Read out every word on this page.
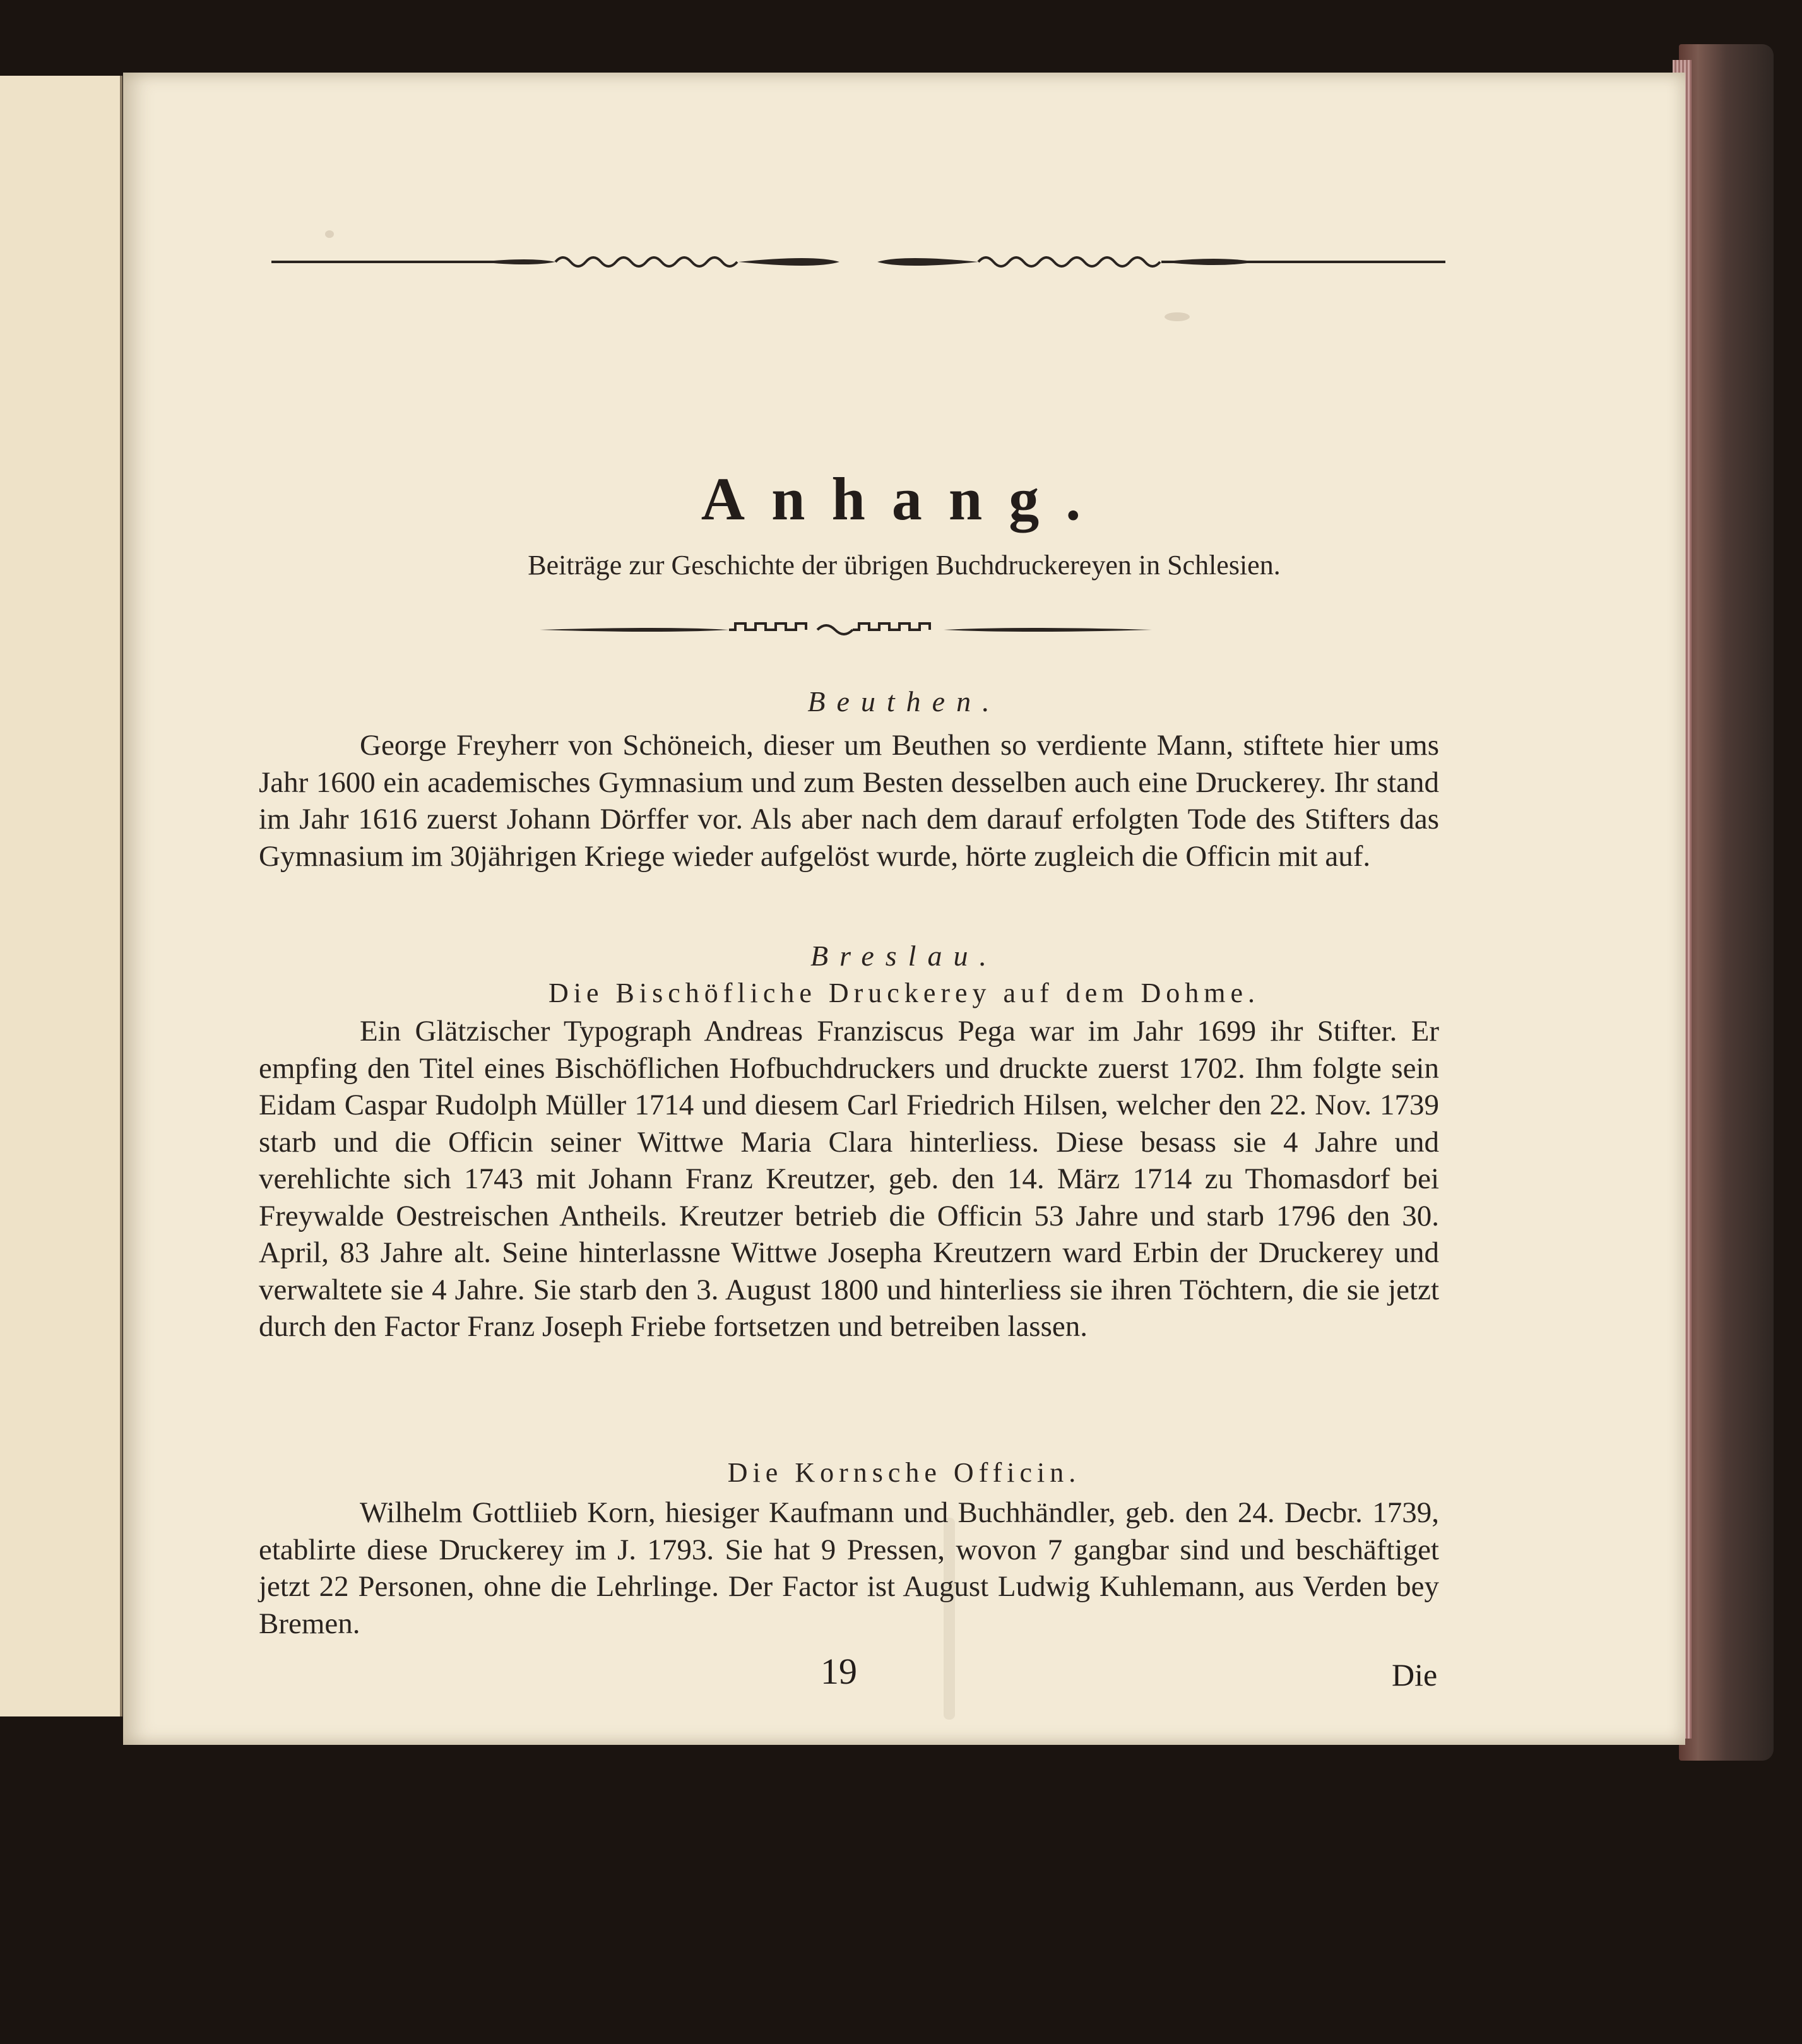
Anhang.
Beiträge zur Geschichte der übrigen Buchdruckereyen in Schlesien.
Beuthen.
George Freyherr von Schöneich, dieser um Beuthen so verdiente Mann, stiftete hier ums Jahr 1600 ein academisches Gymnasium und zum Besten desselben auch eine Druckerey. Ihr stand im Jahr 1616 zuerst Johann Dörffer vor. Als aber nach dem darauf erfolgten Tode des Stifters das Gymnasium im 30jährigen Kriege wieder aufgelöst wurde, hörte zugleich die Officin mit auf.
Breslau.
Die Bischöfliche Druckerey auf dem Dohme.
Ein Glätzischer Typograph Andreas Franziscus Pega war im Jahr 1699 ihr Stifter. Er empfing den Titel eines Bischöflichen Hofbuchdruckers und druckte zuerst 1702. Ihm folgte sein Eidam Caspar Rudolph Müller 1714 und diesem Carl Friedrich Hilsen, welcher den 22. Nov. 1739 starb und die Officin seiner Wittwe Maria Clara hinterliess. Diese besass sie 4 Jahre und verehlichte sich 1743 mit Johann Franz Kreutzer, geb. den 14. März 1714 zu Thomasdorf bei Freywalde Oestreischen Antheils. Kreutzer betrieb die Officin 53 Jahre und starb 1796 den 30. April, 83 Jahre alt. Seine hinterlassne Wittwe Josepha Kreutzern ward Erbin der Druckerey und verwaltete sie 4 Jahre. Sie starb den 3. August 1800 und hinterliess sie ihren Töchtern, die sie jetzt durch den Factor Franz Joseph Friebe fortsetzen und betreiben lassen.
Die Kornsche Officin.
Wilhelm Gottliieb Korn, hiesiger Kaufmann und Buchhändler, geb. den 24. Decbr. 1739, etablirte diese Druckerey im J. 1793. Sie hat 9 Pressen, wovon 7 gangbar sind und beschäftiget jetzt 22 Personen, ohne die Lehrlinge. Der Factor ist August Ludwig Kuhlemann, aus Verden bey Bremen.
19	Die
